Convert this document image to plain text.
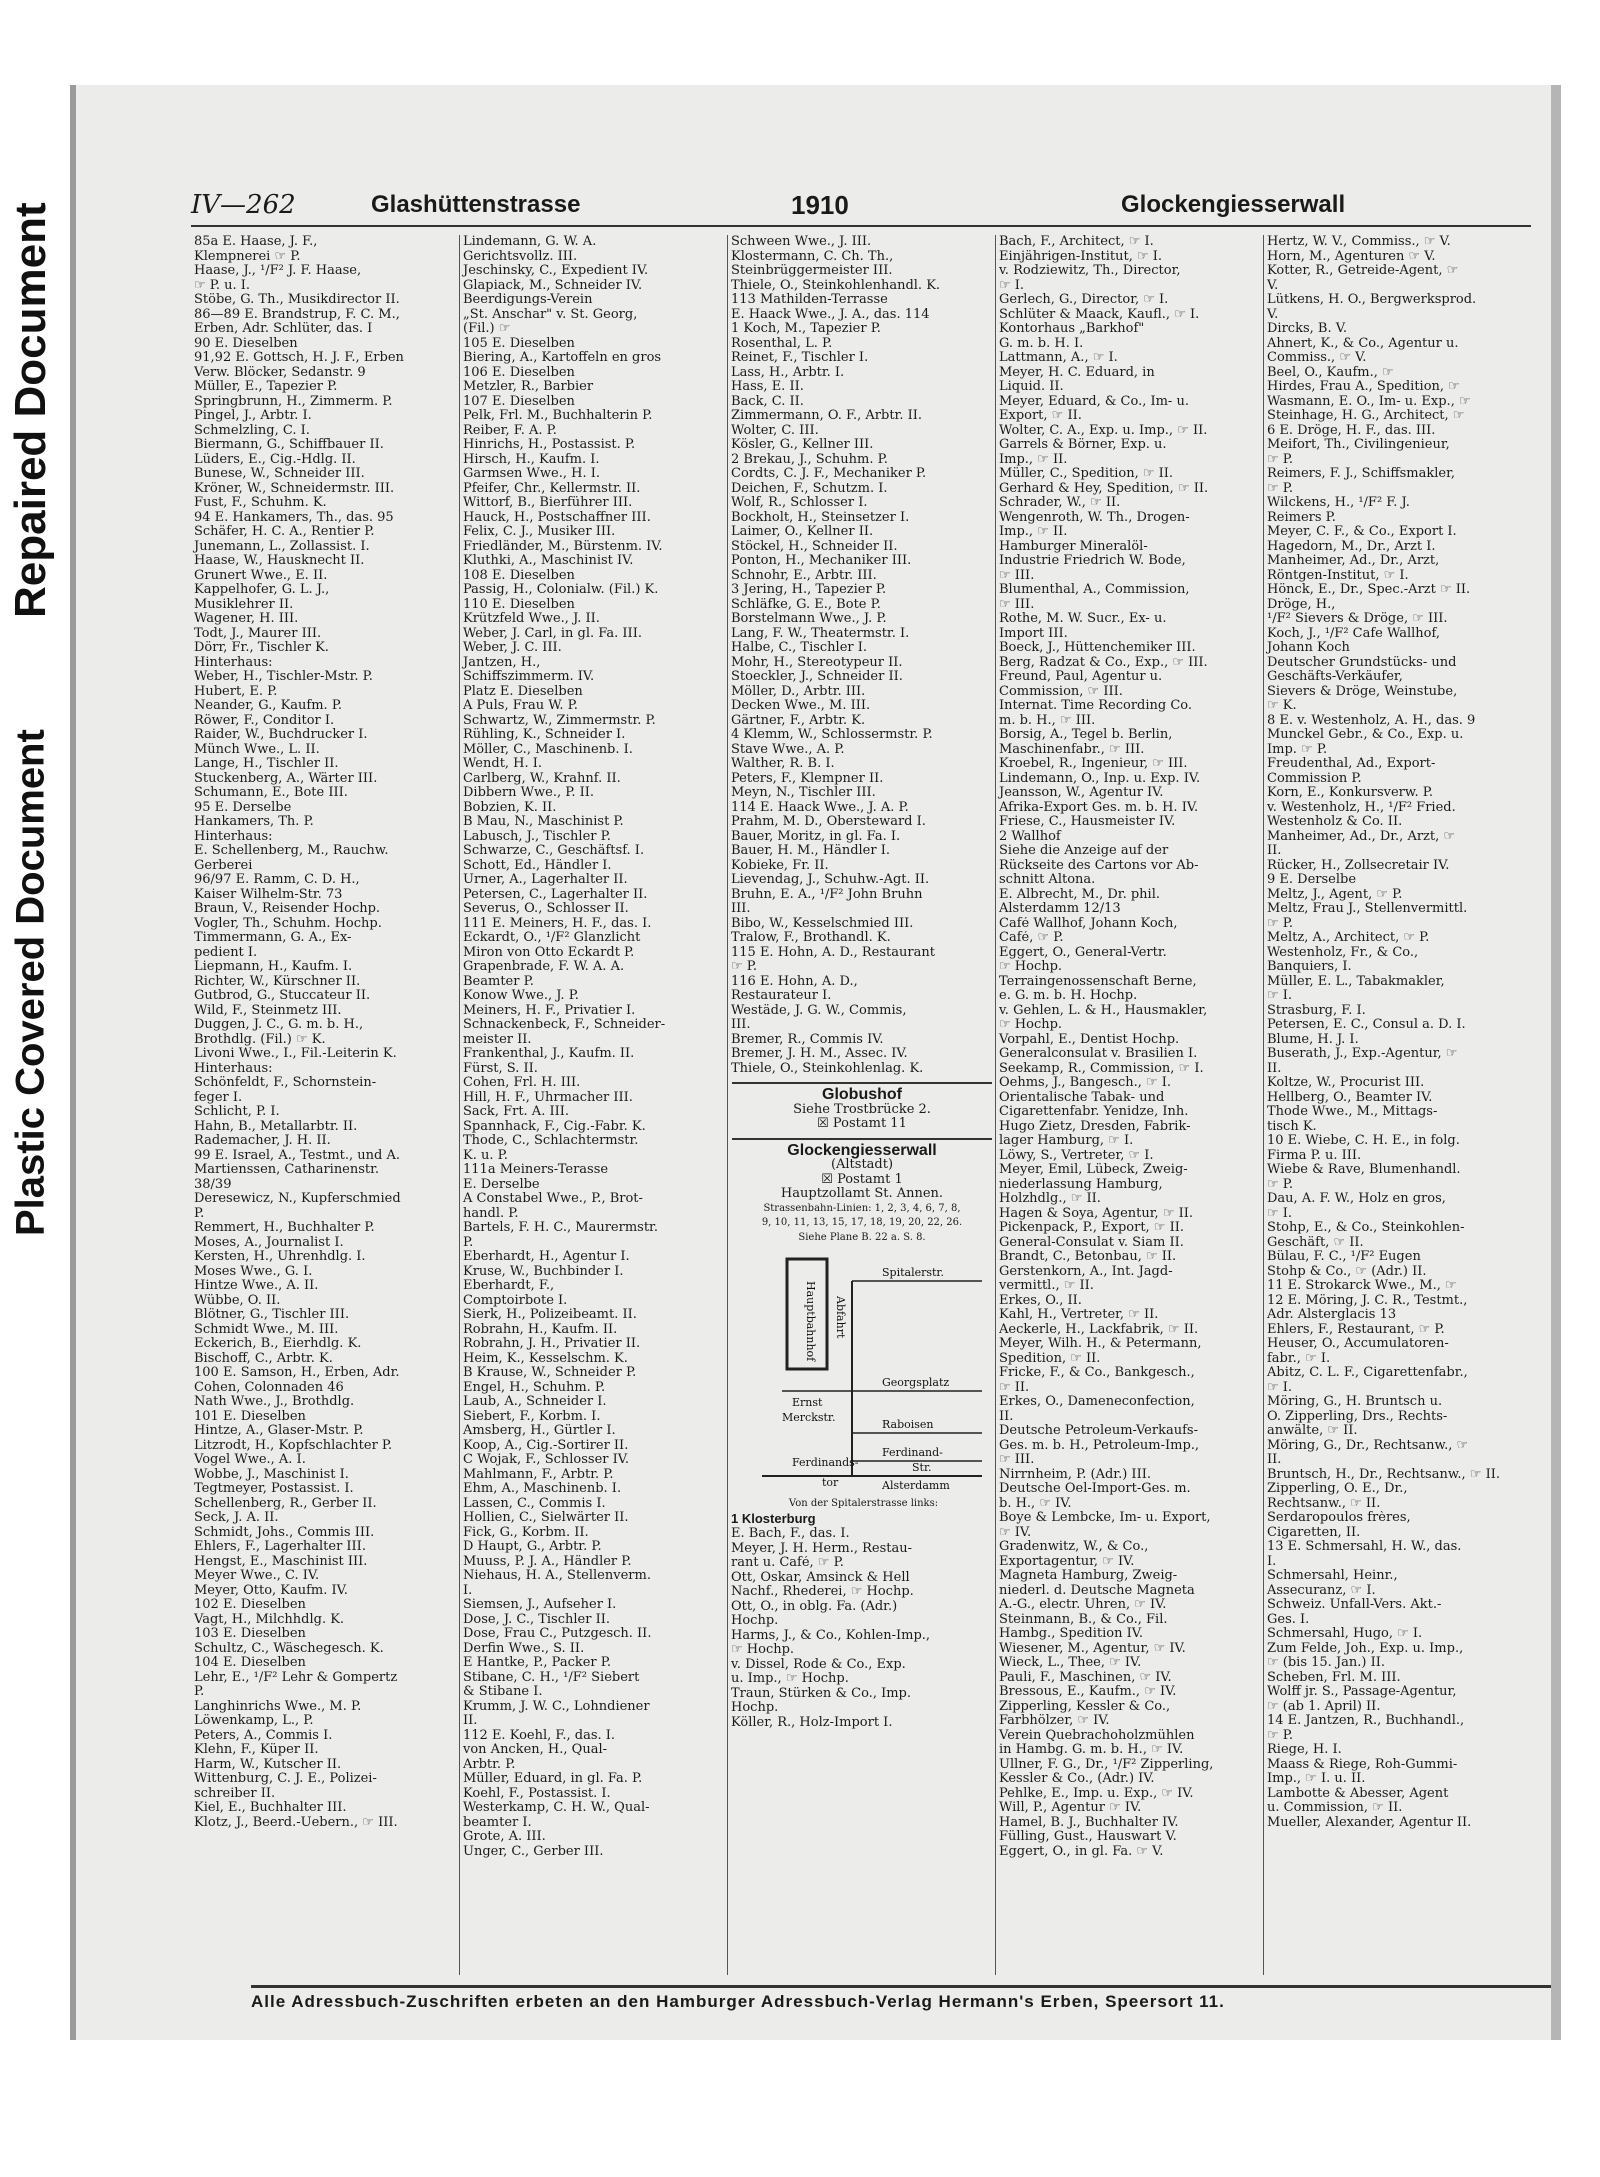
Repaired Document
Plastic Covered Document
IV—262	Glashüttenstrasse	1910	Glockengiesserwall
85a E. Haase, J. F.,
Klempnerei ☞ P.
Haase, J., ¹/F² J. F. Haase,
☞ P. u. I.
Stöbe, G. Th., Musikdirector II.
86—89 E. Brandstrup, F. C. M.,
Erben, Adr. Schlüter, das. I
90 E. Dieselben
91,92 E. Gottsch, H. J. F., Erben
Verw. Blöcker, Sedanstr. 9
Müller, E., Tapezier P.
Springbrunn, H., Zimmerm. P.
Pingel, J., Arbtr. I.
Schmelzling, C. I.
Biermann, G., Schiffbauer II.
Lüders, E., Cig.-Hdlg. II.
Bunese, W., Schneider III.
Kröner, W., Schneidermstr. III.
Fust, F., Schuhm. K.
94 E. Hankamers, Th., das. 95
Schäfer, H. C. A., Rentier P.
Junemann, L., Zollassist. I.
Haase, W., Hausknecht II.
Grunert Wwe., E. II.
Kappelhofer, G. L. J.,
Musiklehrer II.
Wagener, H. III.
Todt, J., Maurer III.
Dörr, Fr., Tischler K.
Hinterhaus:
Weber, H., Tischler-Mstr. P.
Hubert, E. P.
Neander, G., Kaufm. P.
Röwer, F., Conditor I.
Raider, W., Buchdrucker I.
Münch Wwe., L. II.
Lange, H., Tischler II.
Stuckenberg, A., Wärter III.
Schumann, E., Bote III.
95 E. Derselbe
Hankamers, Th. P.
Hinterhaus:
E. Schellenberg, M., Rauchw.
Gerberei
96/97 E. Ramm, C. D. H.,
Kaiser Wilhelm-Str. 73
Braun, V., Reisender Hochp.
Vogler, Th., Schuhm. Hochp.
Timmermann, G. A., Ex-
pedient I.
Liepmann, H., Kaufm. I.
Richter, W., Kürschner II.
Gutbrod, G., Stuccateur II.
Wild, F., Steinmetz III.
Duggen, J. C., G. m. b. H.,
Brothdlg. (Fil.) ☞ K.
Livoni Wwe., I., Fil.-Leiterin K.
Hinterhaus:
Schönfeldt, F., Schornstein-
feger I.
Schlicht, P. I.
Hahn, B., Metallarbtr. II.
Rademacher, J. H. II.
99 E. Israel, A., Testmt., und A.
Martienssen, Catharinenstr.
38/39
Deresewicz, N., Kupferschmied
P.
Remmert, H., Buchhalter P.
Moses, A., Journalist I.
Kersten, H., Uhrenhdlg. I.
Moses Wwe., G. I.
Hintze Wwe., A. II.
Wübbe, O. II.
Blötner, G., Tischler III.
Schmidt Wwe., M. III.
Eckerich, B., Eierhdlg. K.
Bischoff, C., Arbtr. K.
100 E. Samson, H., Erben, Adr.
Cohen, Colonnaden 46
Nath Wwe., J., Brothdlg.
101 E. Dieselben
Hintze, A., Glaser-Mstr. P.
Litzrodt, H., Kopfschlachter P.
Vogel Wwe., A. I.
Wobbe, J., Maschinist I.
Tegtmeyer, Postassist. I.
Schellenberg, R., Gerber II.
Seck, J. A. II.
Schmidt, Johs., Commis III.
Ehlers, F., Lagerhalter III.
Hengst, E., Maschinist III.
Meyer Wwe., C. IV.
Meyer, Otto, Kaufm. IV.
102 E. Dieselben
Vagt, H., Milchhdlg. K.
103 E. Dieselben
Schultz, C., Wäschegesch. K.
104 E. Dieselben
Lehr, E., ¹/F² Lehr & Gompertz
P.
Langhinrichs Wwe., M. P.
Löwenkamp, L., P.
Peters, A., Commis I.
Klehn, F., Küper II.
Harm, W., Kutscher II.
Wittenburg, C. J. E., Polizei-
schreiber II.
Kiel, E., Buchhalter III.
Klotz, J., Beerd.-Uebern., ☞ III.
Lindemann, G. W. A.
Gerichtsvollz. III.
Jeschinsky, C., Expedient IV.
Glapiack, M., Schneider IV.
Beerdigungs-Verein
„St. Anschar" v. St. Georg,
(Fil.) ☞
105 E. Dieselben
Biering, A., Kartoffeln en gros
106 E. Dieselben
Metzler, R., Barbier
107 E. Dieselben
Pelk, Frl. M., Buchhalterin P.
Reiber, F. A. P.
Hinrichs, H., Postassist. P.
Hirsch, H., Kaufm. I.
Garmsen Wwe., H. I.
Pfeifer, Chr., Kellermstr. II.
Wittorf, B., Bierführer III.
Hauck, H., Postschaffner III.
Felix, C. J., Musiker III.
Friedländer, M., Bürstenm. IV.
Kluthki, A., Maschinist IV.
108 E. Dieselben
Passig, H., Colonialw. (Fil.) K.
110 E. Dieselben
Krützfeld Wwe., J. II.
Weber, J. Carl, in gl. Fa. III.
Weber, J. C. III.
Jantzen, H.,
Schiffszimmerm. IV.
Platz E. Dieselben
A Puls, Frau W. P.
Schwartz, W., Zimmermstr. P.
Rühling, K., Schneider I.
Möller, C., Maschinenb. I.
Wendt, H. I.
Carlberg, W., Krahnf. II.
Dibbern Wwe., P. II.
Bobzien, K. II.
B Mau, N., Maschinist P.
Labusch, J., Tischler P.
Schwarze, C., Geschäftsf. I.
Schott, Ed., Händler I.
Urner, A., Lagerhalter II.
Petersen, C., Lagerhalter II.
Severus, O., Schlosser II.
111 E. Meiners, H. F., das. I.
Eckardt, O., ¹/F² Glanzlicht
Miron von Otto Eckardt P.
Grapenbrade, F. W. A. A.
Beamter P.
Konow Wwe., J. P.
Meiners, H. F., Privatier I.
Schnackenbeck, F., Schneider-
meister II.
Frankenthal, J., Kaufm. II.
Fürst, S. II.
Cohen, Frl. H. III.
Hill, H. F., Uhrmacher III.
Sack, Frt. A. III.
Spannhack, F., Cig.-Fabr. K.
Thode, C., Schlachtermstr.
K. u. P.
111a Meiners-Terasse
E. Derselbe
A Constabel Wwe., P., Brot-
handl. P.
Bartels, F. H. C., Maurermstr.
P.
Eberhardt, H., Agentur I.
Kruse, W., Buchbinder I.
Eberhardt, F.,
Comptoirbote I.
Sierk, H., Polizeibeamt. II.
Robrahn, H., Kaufm. II.
Robrahn, J. H., Privatier II.
Heim, K., Kesselschm. K.
B Krause, W., Schneider P.
Engel, H., Schuhm. P.
Laub, A., Schneider I.
Siebert, F., Korbm. I.
Amsberg, H., Gürtler I.
Koop, A., Cig.-Sortirer II.
C Wojak, F., Schlosser IV.
Mahlmann, F., Arbtr. P.
Ehm, A., Maschinenb. I.
Lassen, C., Commis I.
Hollien, C., Sielwärter II.
Fick, G., Korbm. II.
D Haupt, G., Arbtr. P.
Muuss, P. J. A., Händler P.
Niehaus, H. A., Stellenverm.
I.
Siemsen, J., Aufseher I.
Dose, J. C., Tischler II.
Dose, Frau C., Putzgesch. II.
Derfin Wwe., S. II.
E Hantke, P., Packer P.
Stibane, C. H., ¹/F² Siebert
& Stibane I.
Krumm, J. W. C., Lohndiener
II.
112 E. Koehl, F., das. I.
von Ancken, H., Qual-
Arbtr. P.
Müller, Eduard, in gl. Fa. P.
Koehl, F., Postassist. I.
Westerkamp, C. H. W., Qual-
beamter I.
Grote, A. III.
Unger, C., Gerber III.
Schween Wwe., J. III.
Klostermann, C. Ch. Th.,
Steinbrüggermeister III.
Thiele, O., Steinkohlenhandl. K.
113 Mathilden-Terrasse
E. Haack Wwe., J. A., das. 114
1 Koch, M., Tapezier P.
Rosenthal, L. P.
Reinet, F., Tischler I.
Lass, H., Arbtr. I.
Hass, E. II.
Back, C. II.
Zimmermann, O. F., Arbtr. II.
Wolter, C. III.
Kösler, G., Kellner III.
2 Brekau, J., Schuhm. P.
Cordts, C. J. F., Mechaniker P.
Deichen, F., Schutzm. I.
Wolf, R., Schlosser I.
Bockholt, H., Steinsetzer I.
Laimer, O., Kellner II.
Stöckel, H., Schneider II.
Ponton, H., Mechaniker III.
Schnohr, E., Arbtr. III.
3 Jering, H., Tapezier P.
Schläfke, G. E., Bote P.
Borstelmann Wwe., J. P.
Lang, F. W., Theatermstr. I.
Halbe, C., Tischler I.
Mohr, H., Stereotypeur II.
Stoeckler, J., Schneider II.
Möller, D., Arbtr. III.
Decken Wwe., M. III.
Gärtner, F., Arbtr. K.
4 Klemm, W., Schlossermstr. P.
Stave Wwe., A. P.
Walther, R. B. I.
Peters, F., Klempner II.
Meyn, N., Tischler III.
114 E. Haack Wwe., J. A. P.
Prahm, M. D., Obersteward I.
Bauer, Moritz, in gl. Fa. I.
Bauer, H. M., Händler I.
Kobieke, Fr. II.
Lievendag, J., Schuhw.-Agt. II.
Bruhn, E. A., ¹/F² John Bruhn
III.
Bibo, W., Kesselschmied III.
Tralow, F., Brothandl. K.
115 E. Hohn, A. D., Restaurant
☞ P.
116 E. Hohn, A. D.,
Restaurateur I.
Westädе, J. G. W., Commis,
III.
Bremer, R., Commis IV.
Bremer, J. H. M., Assec. IV.
Thiele, O., Steinkohlenlag. K.
Globushof
Siehe Trostbrücke 2.
☒ Postamt 11
Glockengiesserwall
(Altstadt)
☒ Postamt 1
Hauptzollamt St. Annen.
Strassenbahn-Linien: 1, 2, 3, 4, 6, 7, 8,
9, 10, 11, 13, 15, 17, 18, 19, 20, 22, 26.
Siehe Plane B. 22 a. S. 8.
Hauptbahnhof
Spitalerstr.
Abfahrt
Ernst
Merckstr.
Georgsplatz
Raboisen
Ferdinand-
Str.
Ferdinands-
tor	Alsterdamm
Von der Spitalerstrasse links:
1 Klosterburg
E. Bach, F., das. I.
Meyer, J. H. Herm., Restau-
rant u. Café, ☞ P.
Ott, Oskar, Amsinck & Hell
Nachf., Rhederei, ☞ Hochp.
Ott, O., in oblg. Fa. (Adr.)
Hochp.
Harms, J., & Co., Kohlen-Imp.,
☞ Hochp.
v. Dissel, Rode & Co., Exp.
u. Imp., ☞ Hochp.
Traun, Stürken & Co., Imp.
Hochp.
Köller, R., Holz-Import I.
Bach, F., Architect, ☞ I.
Einjährigen-Institut, ☞ I.
v. Rodziewitz, Th., Director,
☞ I.
Gerlech, G., Director, ☞ I.
Schlüter & Maack, Kaufl., ☞ I.
Kontorhaus „Barkhof"
G. m. b. H. I.
Lattmann, A., ☞ I.
Meyer, H. C. Eduard, in
Liquid. II.
Meyer, Eduard, & Co., Im- u.
Export, ☞ II.
Wolter, C. A., Exp. u. Imp., ☞ II.
Garrels & Börner, Exp. u.
Imp., ☞ II.
Müller, C., Spedition, ☞ II.
Gerhard & Hey, Spedition, ☞ II.
Schrader, W., ☞ II.
Wengenroth, W. Th., Drogen-
Imp., ☞ II.
Hamburger Mineralöl-
Industrie Friedrich W. Bode,
☞ III.
Blumenthal, A., Commission,
☞ III.
Rothe, M. W. Sucr., Ex- u.
Import III.
Boeck, J., Hüttenchemiker III.
Berg, Radzat & Co., Exp., ☞ III.
Freund, Paul, Agentur u.
Commission, ☞ III.
Internat. Time Recording Co.
m. b. H., ☞ III.
Borsig, A., Tegel b. Berlin,
Maschinenfabr., ☞ III.
Kroebel, R., Ingenieur, ☞ III.
Lindemann, O., Inp. u. Exp. IV.
Jeansson, W., Agentur IV.
Afrika-Export Ges. m. b. H. IV.
Friese, C., Hausmeister IV.
2 Wallhof
Siehe die Anzeige auf der
Rückseite des Cartons vor Ab-
schnitt Altona.
E. Albrecht, M., Dr. phil.
Alsterdamm 12/13
Café Wallhof, Johann Koch,
Café, ☞ P.
Eggert, O., General-Vertr.
☞ Hochp.
Terraingenossenschaft Berne,
e. G. m. b. H. Hochp.
v. Gehlen, L. & H., Hausmakler,
☞ Hochp.
Vorpahl, E., Dentist Hochp.
Generalconsulat v. Brasilien I.
Seekamp, R., Commission, ☞ I.
Oehms, J., Bangesch., ☞ I.
Orientalische Tabak- und
Cigarettenfabr. Yenidze, Inh.
Hugo Zietz, Dresden, Fabrik-
lager Hamburg, ☞ I.
Löwy, S., Vertreter, ☞ I.
Meyer, Emil, Lübeck, Zweig-
niederlassung Hamburg,
Holzhdlg., ☞ II.
Hagen & Soya, Agentur, ☞ II.
Pickenpack, P., Export, ☞ II.
General-Consulat v. Siam II.
Brandt, C., Betonbau, ☞ II.
Gerstenkorn, A., Int. Jagd-
vermittl., ☞ II.
Erkes, O., II.
Kahl, H., Vertreter, ☞ II.
Aeckerle, H., Lackfabrik, ☞ II.
Meyer, Wilh. H., & Petermann,
Spedition, ☞ II.
Fricke, F., & Co., Bankgesch.,
☞ II.
Erkes, O., Dameneconfection,
II.
Deutsche Petroleum-Verkaufs-
Ges. m. b. H., Petroleum-Imp.,
☞ III.
Nirrnheim, P. (Adr.) III.
Deutsche Oel-Import-Ges. m.
b. H., ☞ IV.
Boye & Lembcke, Im- u. Export,
☞ IV.
Gradenwitz, W., & Co.,
Exportagentur, ☞ IV.
Magneta Hamburg, Zweig-
niederl. d. Deutsche Magneta
A.-G., electr. Uhren, ☞ IV.
Steinmann, B., & Co., Fil.
Hambg., Spedition IV.
Wiesener, M., Agentur, ☞ IV.
Wieck, L., Thee, ☞ IV.
Pauli, F., Maschinen, ☞ IV.
Bressous, E., Kaufm., ☞ IV.
Zipperling, Kessler & Co.,
Farbhölzer, ☞ IV.
Verein Quebrachoholzmühlen
in Hambg. G. m. b. H., ☞ IV.
Ullner, F. G., Dr., ¹/F² Zipperling,
Kessler & Co., (Adr.) IV.
Pehlke, E., Imp. u. Exp., ☞ IV.
Will, P., Agentur ☞ IV.
Hamel, B. J., Buchhalter IV.
Fülling, Gust., Hauswart V.
Eggert, O., in gl. Fa. ☞ V.
Hertz, W. V., Commiss., ☞ V.
Horn, M., Agenturen ☞ V.
Kotter, R., Getreide-Agent, ☞
V.
Lütkens, H. O., Bergwerksprod.
V.
Dircks, B. V.
Ahnert, K., & Co., Agentur u.
Commiss., ☞ V.
Beel, O., Kaufm., ☞
Hirdes, Frau A., Spedition, ☞
Wasmann, E. O., Im- u. Exp., ☞
Steinhage, H. G., Architect, ☞
6 E. Dröge, H. F., das. III.
Meifort, Th., Civilingenieur,
☞ P.
Reimers, F. J., Schiffsmakler,
☞ P.
Wilckens, H., ¹/F² F. J.
Reimers P.
Meyer, C. F., & Co., Export I.
Hagedorn, M., Dr., Arzt I.
Manheimer, Ad., Dr., Arzt,
Röntgen-Institut, ☞ I.
Hönck, E., Dr., Spec.-Arzt ☞ II.
Dröge, H.,
¹/F² Sievers & Dröge, ☞ III.
Koch, J., ¹/F² Cafe Wallhof,
Johann Koch
Deutscher Grundstücks- und
Geschäfts-Verkäufer,
Sievers & Dröge, Weinstube,
☞ K.
8 E. v. Westenholz, A. H., das. 9
Munckel Gebr., & Co., Exp. u.
Imp. ☞ P.
Freudenthal, Ad., Export-
Commission P.
Korn, E., Konkursverw. P.
v. Westenholz, H., ¹/F² Fried.
Westenholz & Co. II.
Manheimer, Ad., Dr., Arzt, ☞
II.
Rücker, H., Zollsecretair IV.
9 E. Derselbe
Meltz, J., Agent, ☞ P.
Meltz, Frau J., Stellenvermittl.
☞ P.
Meltz, A., Architect, ☞ P.
Westenholz, Fr., & Co.,
Banquiers, I.
Müller, E. L., Tabakmakler,
☞ I.
Strasburg, F. I.
Petersen, E. C., Consul a. D. I.
Blume, H. J. I.
Buserath, J., Exp.-Agentur, ☞
II.
Koltze, W., Procurist III.
Hellberg, O., Beamter IV.
Thode Wwe., M., Mittags-
tisch K.
10 E. Wiebe, C. H. E., in folg.
Firma P. u. III.
Wiebe & Rave, Blumenhandl.
☞ P.
Dau, A. F. W., Holz en gros,
☞ I.
Stohp, E., & Co., Steinkohlen-
Geschäft, ☞ II.
Bülau, F. C., ¹/F² Eugen
Stohp & Co., ☞ (Adr.) II.
11 E. Strokarck Wwe., M., ☞
12 E. Möring, J. C. R., Testmt.,
Adr. Alsterglacis 13
Ehlers, F., Restaurant, ☞ P.
Heuser, O., Accumulatoren-
fabr., ☞ I.
Abitz, C. L. F., Cigarettenfabr.,
☞ I.
Möring, G., H. Bruntsch u.
O. Zipperling, Drs., Rechts-
anwälte, ☞ II.
Möring, G., Dr., Rechtsanw., ☞
II.
Bruntsch, H., Dr., Rechtsanw., ☞ II.
Zipperling, O. E., Dr.,
Rechtsanw., ☞ II.
Serdaropoulos frères,
Cigaretten, II.
13 E. Schmersahl, H. W., das.
I.
Schmersahl, Heinr.,
Assecuranz, ☞ I.
Schweiz. Unfall-Vers. Akt.-
Ges. I.
Schmersahl, Hugo, ☞ I.
Zum Felde, Joh., Exp. u. Imp.,
☞ (bis 15. Jan.) II.
Scheben, Frl. M. III.
Wolff jr. S., Passage-Agentur,
☞ (ab 1. April) II.
14 E. Jantzen, R., Buchhandl.,
☞ P.
Riege, H. I.
Maass & Riege, Roh-Gummi-
Imp., ☞ I. u. II.
Lambotte & Abesser, Agent
u. Commission, ☞ II.
Mueller, Alexander, Agentur II.
Alle Adressbuch-Zuschriften erbeten an den Hamburger Adressbuch-Verlag Hermann's Erben, Speersort 11.
